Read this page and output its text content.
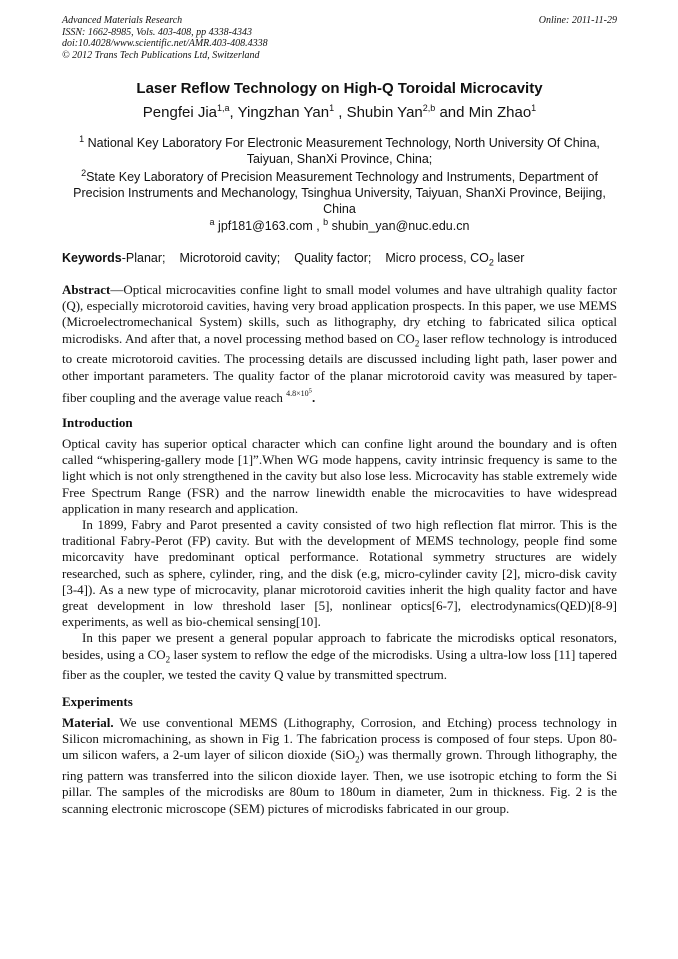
Advanced Materials Research
ISSN: 1662-8985, Vols. 403-408, pp 4338-4343
doi:10.4028/www.scientific.net/AMR.403-408.4338
© 2012 Trans Tech Publications Ltd, Switzerland
Online: 2011-11-29
Laser Reflow Technology on High-Q Toroidal Microcavity
Pengfei Jia$^{1,a}$, Yingzhan Yan$^1$ , Shubin Yan$^{2,b}$ and Min Zhao$^1$
$^1$ National Key Laboratory For Electronic Measurement Technology, North University Of China, Taiyuan, ShanXi Province, China;
$^2$State Key Laboratory of Precision Measurement Technology and Instruments, Department of Precision Instruments and Mechanology, Tsinghua University, Taiyuan, ShanXi Province, Beijing, China
$^a$ jpf181@163.com , $^b$ shubin_yan@nuc.edu.cn
Keywords-Planar; Microtoroid cavity; Quality factor; Micro process, $CO_2$ laser
Abstract—Optical microcavities confine light to small model volumes and have ultrahigh quality factor (Q), especially microtoroid cavities, having very broad application prospects. In this paper, we use MEMS (Microelectromechanical System) skills, such as lithography, dry etching to fabricated silica optical microdisks. And after that, a novel processing method based on $CO_2$ laser reflow technology is introduced to create microtoroid cavities. The processing details are discussed including light path, laser power and other important parameters. The quality factor of the planar microtoroid cavity was measured by taper-fiber coupling and the average value reach $^{4.8\times 10^5}$.
Introduction

Optical cavity has superior optical character which can confine light around the boundary and is often called “whispering-gallery mode [1]”.When WG mode happens, cavity intrinsic frequency is same to the light which is not only strengthened in the cavity but also lose less. Microcavity has stable extremely wide Free Spectrum Range (FSR) and the narrow linewidth enable the microcavities to have widespread application in many research and application.

In 1899, Fabry and Parot presented a cavity consisted of two high reflection flat mirror. This is the traditional Fabry-Perot (FP) cavity. But with the development of MEMS technology, people find some micorcavity have predominant optical performance. Rotational symmetry structures are widely researched, such as sphere, cylinder, ring, and the disk (e.g, micro-cylinder cavity [2], micro-disk cavity [3-4]). As a new type of microcavity, planar microtoroid cavities inherit the high quality factor and have great development in low threshold laser [5], nonlinear optics[6-7], electrodynamics(QED)[8-9] experiments, as well as bio-chemical sensing[10].

In this paper we present a general popular approach to fabricate the microdisks optical resonators, besides, using a $CO_2$ laser system to reflow the edge of the microdisks. Using a ultra-low loss [11] tapered fiber as the coupler, we tested the cavity Q value by transmitted spectrum.

Experiments
Material. We use conventional MEMS (Lithography, Corrosion, and Etching) process technology in Silicon micromachining, as shown in Fig 1. The fabrication process is composed of four steps. Upon 80-um silicon wafers, a 2-um layer of silicon dioxide (SiO$_2$) was thermally grown. Through lithography, the ring pattern was transferred into the silicon dioxide layer. Then, we use isotropic etching to form the Si pillar. The samples of the microdisks are 80um to 180um in diameter, 2um in thickness. Fig. 2 is the scanning electronic microscope (SEM) pictures of microdisks fabricated in our group.
